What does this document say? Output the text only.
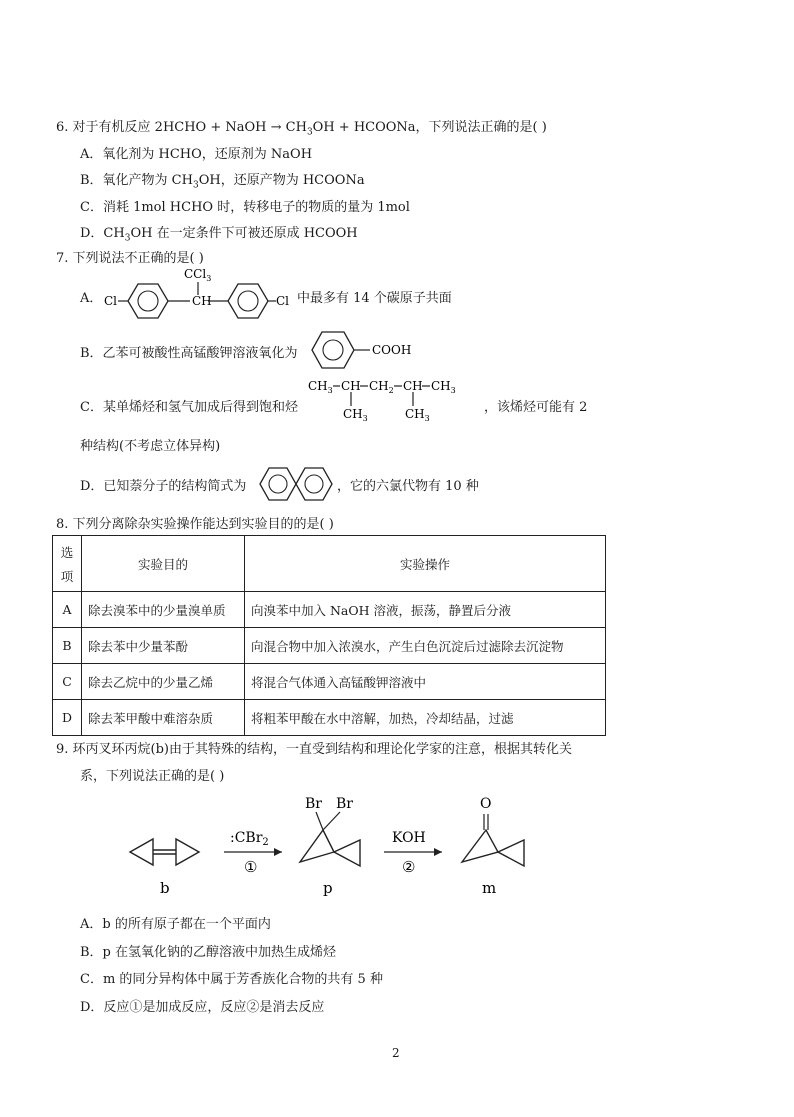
6. 对于有机反应 2HCHO + NaOH → $CH_3OH$ + HCOONa，下列说法正确的是( )
A．氧化剂为 HCHO，还原剂为 NaOH
B．氧化产物为 $CH_3OH$，还原产物为 HCOONa
C．消耗 1mol HCHO 时，转移电子的物质的量为 1mol
D．$CH_3OH$ 在一定条件下可被还原成 HCOOH
7. 下列说法不正确的是( )
A．
CCl$_3$
CH
Cl	Cl 中最多有 14 个碳原子共面
B．乙苯可被酸性高锰酸钾溶液氧化为	COOH
C．某单烯烃和氢气加成后得到饱和烃
$CH_3$ CH $CH_2$ CH $CH_3$
$CH_3$	$CH_3$
，该烯烃可能有 2
种结构(不考虑立体异构)
D．已知萘分子的结构简式为	，它的六氯代物有 10 种
8. 下列分离除杂实验操作能达到实验目的的是( )
选
项	实验目的	实验操作
A	除去溴苯中的少量溴单质	向溴苯中加入 NaOH 溶液，振荡，静置后分液
B	除去苯中少量苯酚	向混合物中加入浓溴水，产生白色沉淀后过滤除去沉淀物
C	除去乙烷中的少量乙烯	将混合气体通入高锰酸钾溶液中
D	除去苯甲酸中难溶杂质	将粗苯甲酸在水中溶解，加热，冷却结晶，过滤
9. 环丙叉环丙烷(b)由于其特殊的结构，一直受到结构和理论化学家的注意，根据其转化关
系，下列说法正确的是( )
b
:CBr$_2$
①
Br Br
p
KOH
②
O
m
A．b 的所有原子都在一个平面内
B．p 在氢氧化钠的乙醇溶液中加热生成烯烃
C．m 的同分异构体中属于芳香族化合物的共有 5 种
D．反应①是加成反应，反应②是消去反应
2
